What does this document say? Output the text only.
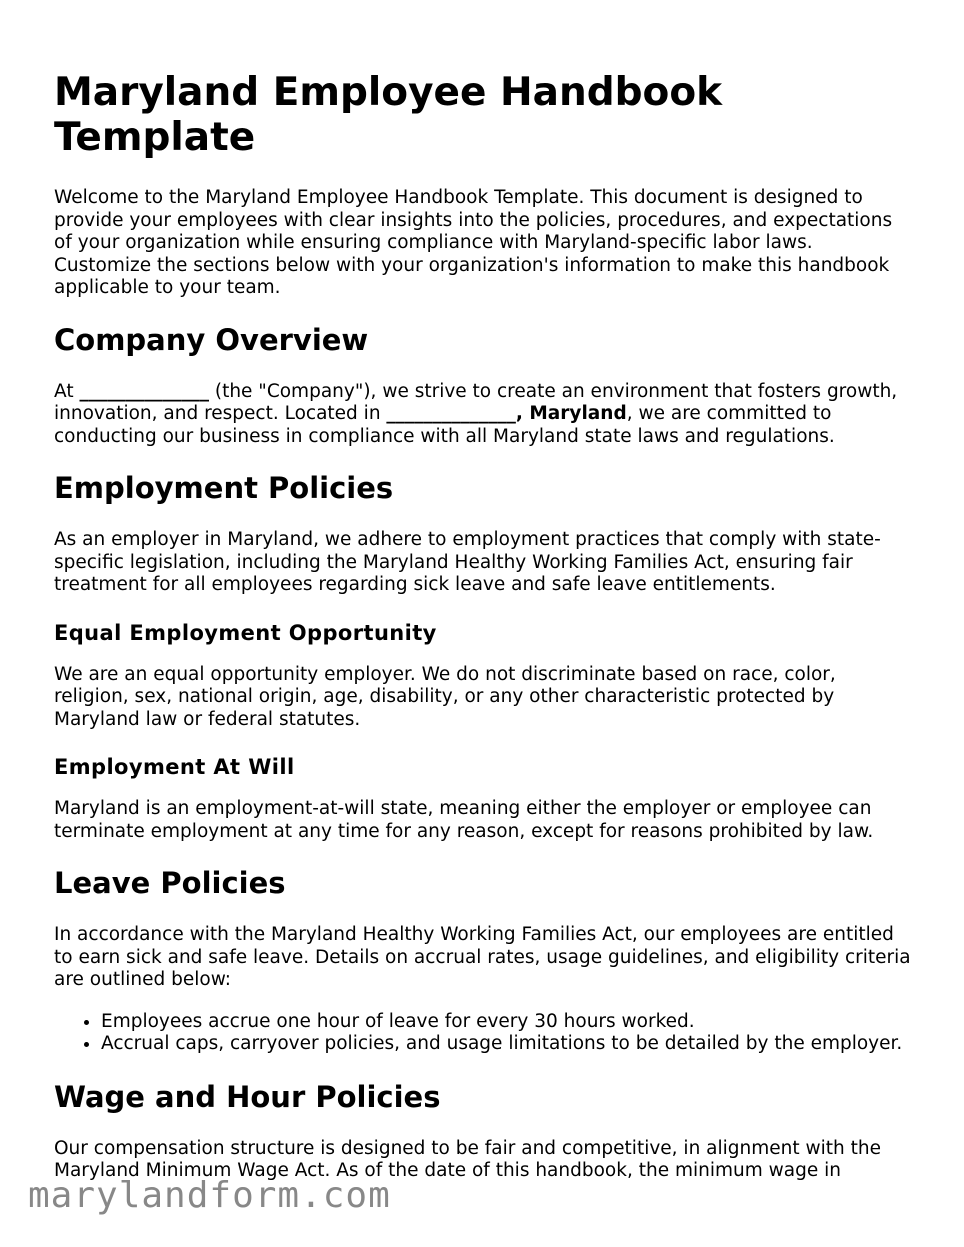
Maryland Employee Handbook Template

Welcome to the Maryland Employee Handbook Template. This document is designed to provide your employees with clear insights into the policies, procedures, and expectations of your organization while ensuring compliance with Maryland-specific labor laws. Customize the sections below with your organization's information to make this handbook applicable to your team.

Company Overview

At ______________ (the "Company"), we strive to create an environment that fosters growth, innovation, and respect. Located in ______________, Maryland, we are committed to conducting our business in compliance with all Maryland state laws and regulations.

Employment Policies

As an employer in Maryland, we adhere to employment practices that comply with state-specific legislation, including the Maryland Healthy Working Families Act, ensuring fair treatment for all employees regarding sick leave and safe leave entitlements.

Equal Employment Opportunity

We are an equal opportunity employer. We do not discriminate based on race, color, religion, sex, national origin, age, disability, or any other characteristic protected by Maryland law or federal statutes.

Employment At Will

Maryland is an employment-at-will state, meaning either the employer or employee can terminate employment at any time for any reason, except for reasons prohibited by law.

Leave Policies

In accordance with the Maryland Healthy Working Families Act, our employees are entitled to earn sick and safe leave. Details on accrual rates, usage guidelines, and eligibility criteria are outlined below:

• Employees accrue one hour of leave for every 30 hours worked.
• Accrual caps, carryover policies, and usage limitations to be detailed by the employer.
Wage and Hour Policies

Our compensation structure is designed to be fair and competitive, in alignment with the Maryland Minimum Wage Act. As of the date of this handbook, the minimum wage in

marylandform.com
